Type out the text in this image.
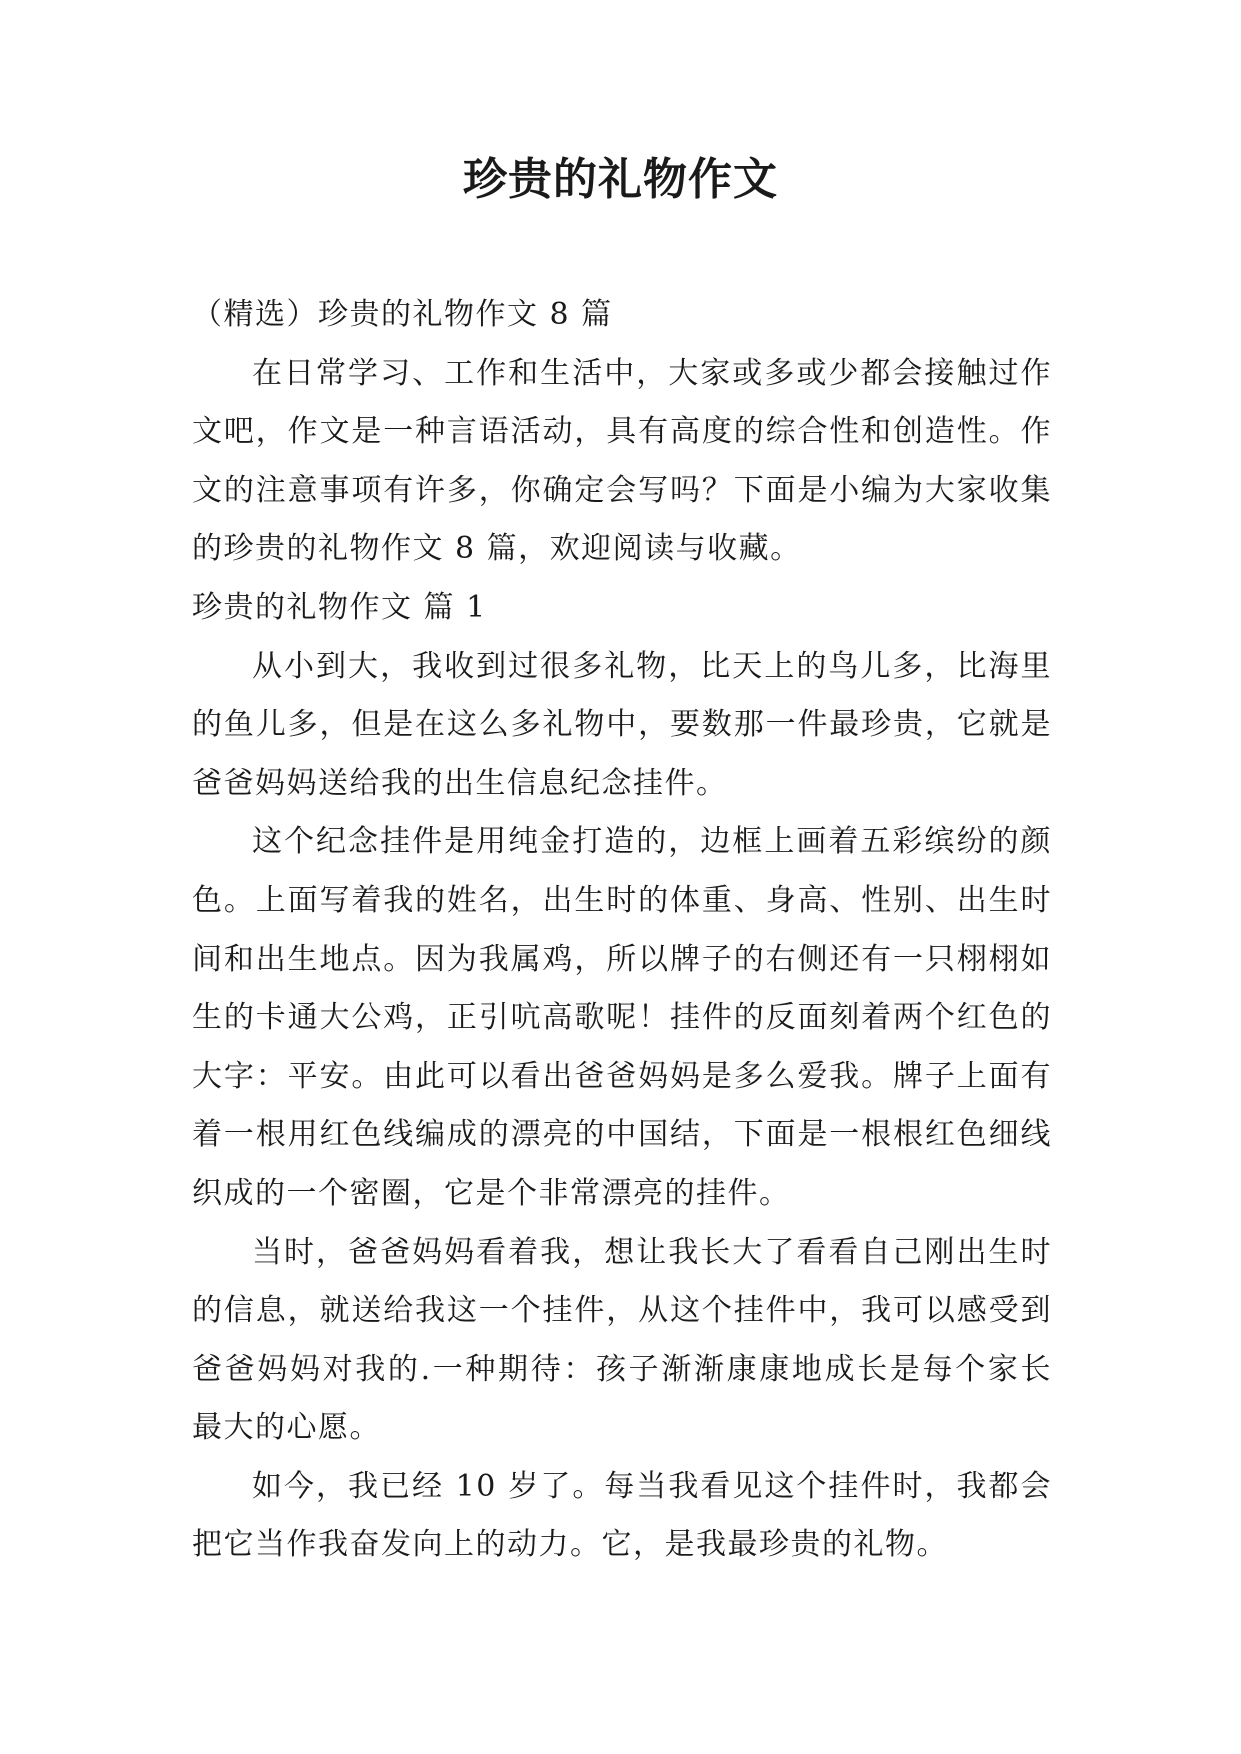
珍贵的礼物作文

（精选）珍贵的礼物作文 8 篇

在日常学习、工作和生活中，大家或多或少都会接触过作文吧，作文是一种言语活动，具有高度的综合性和创造性。作文的注意事项有许多，你确定会写吗？下面是小编为大家收集的珍贵的礼物作文 8 篇，欢迎阅读与收藏。

珍贵的礼物作文 篇 1

从小到大，我收到过很多礼物，比天上的鸟儿多，比海里的鱼儿多，但是在这么多礼物中，要数那一件最珍贵，它就是爸爸妈妈送给我的出生信息纪念挂件。

这个纪念挂件是用纯金打造的，边框上画着五彩缤纷的颜色。上面写着我的姓名，出生时的体重、身高、性别、出生时间和出生地点。因为我属鸡，所以牌子的右侧还有一只栩栩如生的卡通大公鸡，正引吭高歌呢！挂件的反面刻着两个红色的大字：平安。由此可以看出爸爸妈妈是多么爱我。牌子上面有着一根用红色线编成的漂亮的中国结，下面是一根根红色细线织成的一个密圈，它是个非常漂亮的挂件。

当时，爸爸妈妈看着我，想让我长大了看看自己刚出生时的信息，就送给我这一个挂件，从这个挂件中，我可以感受到爸爸妈妈对我的.一种期待：孩子渐渐康康地成长是每个家长最大的心愿。

如今，我已经 10 岁了。每当我看见这个挂件时，我都会把它当作我奋发向上的动力。它，是我最珍贵的礼物。
